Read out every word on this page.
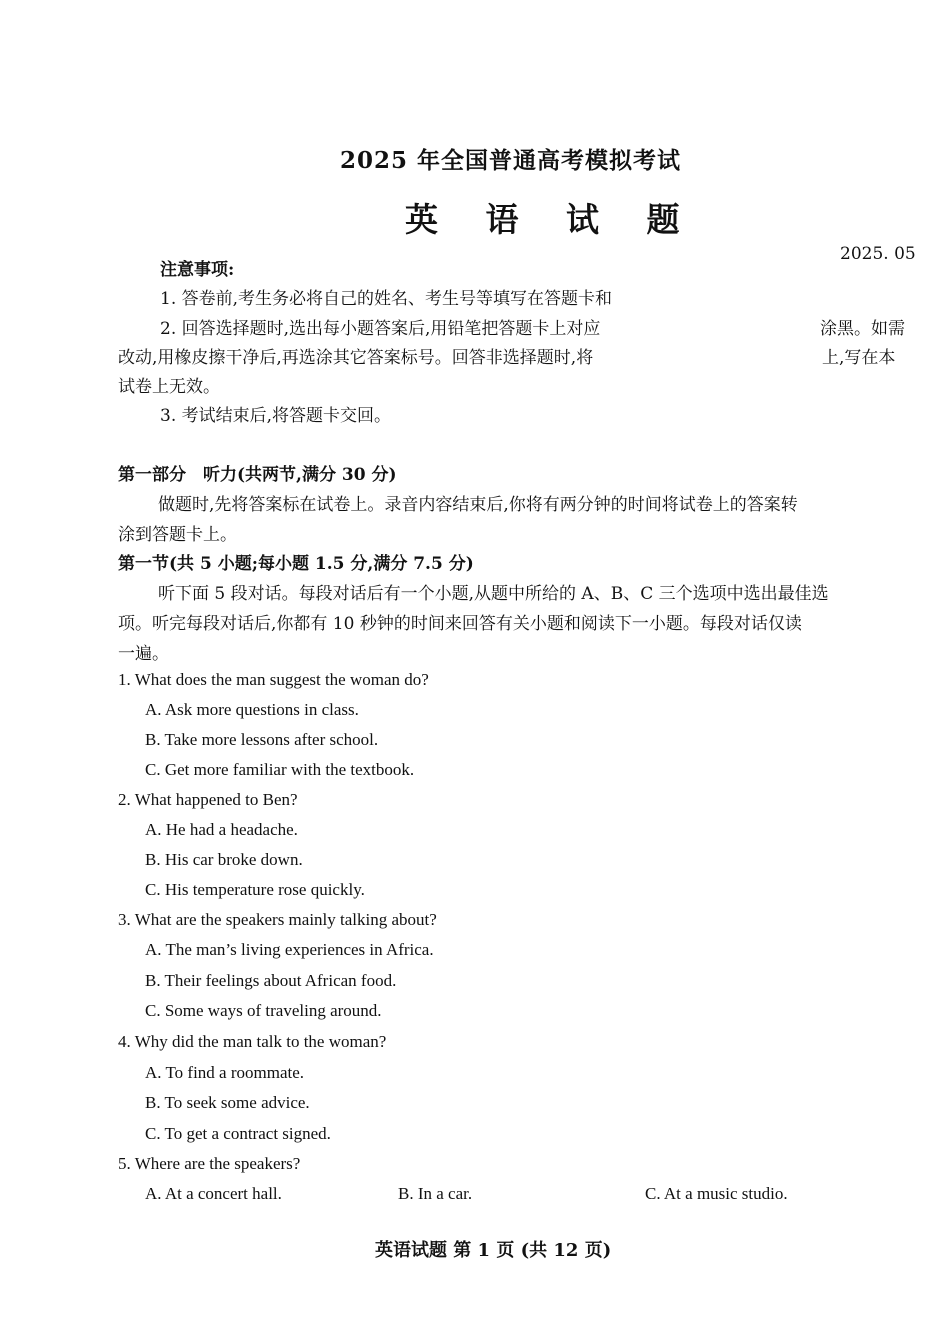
2025 年全国普通高考模拟考试
英 语 试 题
2025. 05
注意事项:
1. 答卷前,考生务必将自己的姓名、考生号等填写在答题卡和
2. 回答选择题时,选出每小题答案后,用铅笔把答题卡上对应	涂黑。如需
改动,用橡皮擦干净后,再选涂其它答案标号。回答非选择题时,将	上,写在本
试卷上无效。
3. 考试结束后,将答题卡交回。
第一部分　听力(共两节,满分 30 分)
做题时,先将答案标在试卷上。录音内容结束后,你将有两分钟的时间将试卷上的答案转
涂到答题卡上。
第一节(共 5 小题;每小题 1.5 分,满分 7.5 分)
听下面 5 段对话。每段对话后有一个小题,从题中所给的 A、B、C 三个选项中选出最佳选
项。听完每段对话后,你都有 10 秒钟的时间来回答有关小题和阅读下一小题。每段对话仅读
一遍。
1. What does the man suggest the woman do?
A. Ask more questions in class.
B. Take more lessons after school.
C. Get more familiar with the textbook.
2. What happened to Ben?
A. He had a headache.
B. His car broke down.
C. His temperature rose quickly.
3. What are the speakers mainly talking about?
A. The man’s living experiences in Africa.
B. Their feelings about African food.
C. Some ways of traveling around.
4. Why did the man talk to the woman?
A. To find a roommate.
B. To seek some advice.
C. To get a contract signed.
5. Where are the speakers?
A. At a concert hall.	B. In a car.	C. At a music studio.
英语试题 第 1 页 (共 12 页)
